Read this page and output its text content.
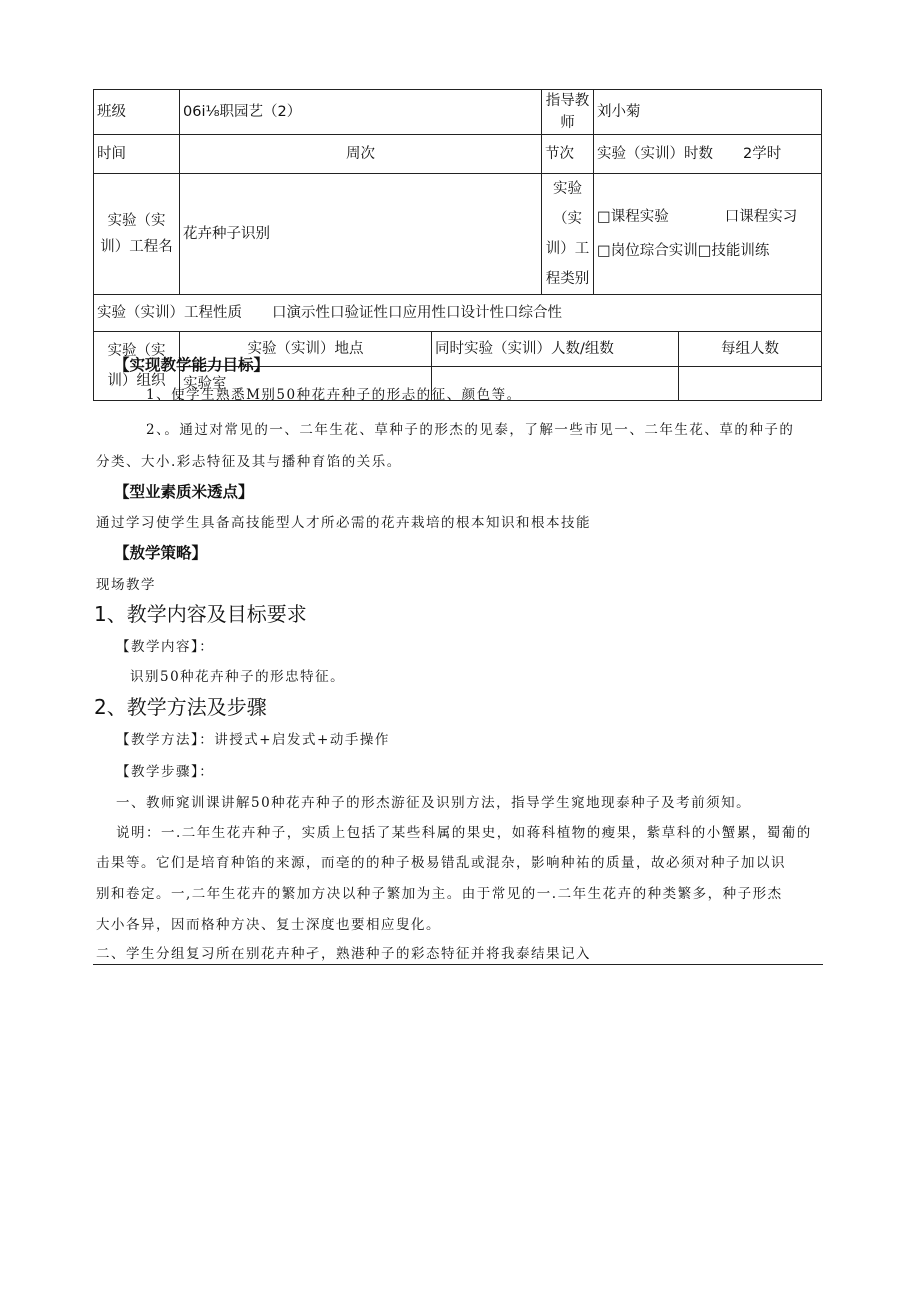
班级	06i⅛职园艺（2）		指导教师	刘小菊	
时间	周次		节次	实验（实训）时数 2学时	
实验（实训）工程名	花卉种子识别		实验（实训）工程类别	□课程实验 口课程实习
□岗位琮合实训□技能训练	
实验（实训）工程性质 口演示性口验证性口应用性口设计性口综合性					
实验（实训）组织	实验（实训）地点	同时实验（实训）人数/组数			每组人数
	实验室				
【实现教学能力目标】
1、使学生熟悉M别50种花卉种子的形忐的征、颜色等。
2、。通过对常见的一、二年生花、草种子的形杰的见泰，了解一些市见一、二年生花、草的种子的
分类、大小.彩忐特征及其与播种育馅的关乐。
【型业素质米透点】
通过学习使学生具备高技能型人才所必需的花卉栽培的根本知识和根本技能
【敖学策略】
现场教学
1、教学内容及目标要求
【教学内容】：
识别50种花卉种子的形忠特征。
2、教学方法及步骤
【教学方法】：讲授式+启发式+动手操作
【教学步骤】：
一、教师窕训课讲解50种花卉种子的形杰游征及识别方法，指导学生窕地现泰种子及考前须知。
说明：一.二年生花卉种子，实质上包括了某些科属的果史，如蒋科植物的瘦果，紫草科的小蟹累，蜀葡的
击果等。它们是培育种馅的来源，而亳的的种子极易错乱或混杂，影响种祐的质量，故必须对种子加以识
别和卷定。一,二年生花卉的繁加方决以种子繁加为主。由于常见的一.二年生花卉的种类繁多，种子形杰
大小各异，因而格种方决、复士深度也要相应叟化。
二、学生分组复习所在别花卉种孑，熟港种子的彩态特征并将我泰结果记入
